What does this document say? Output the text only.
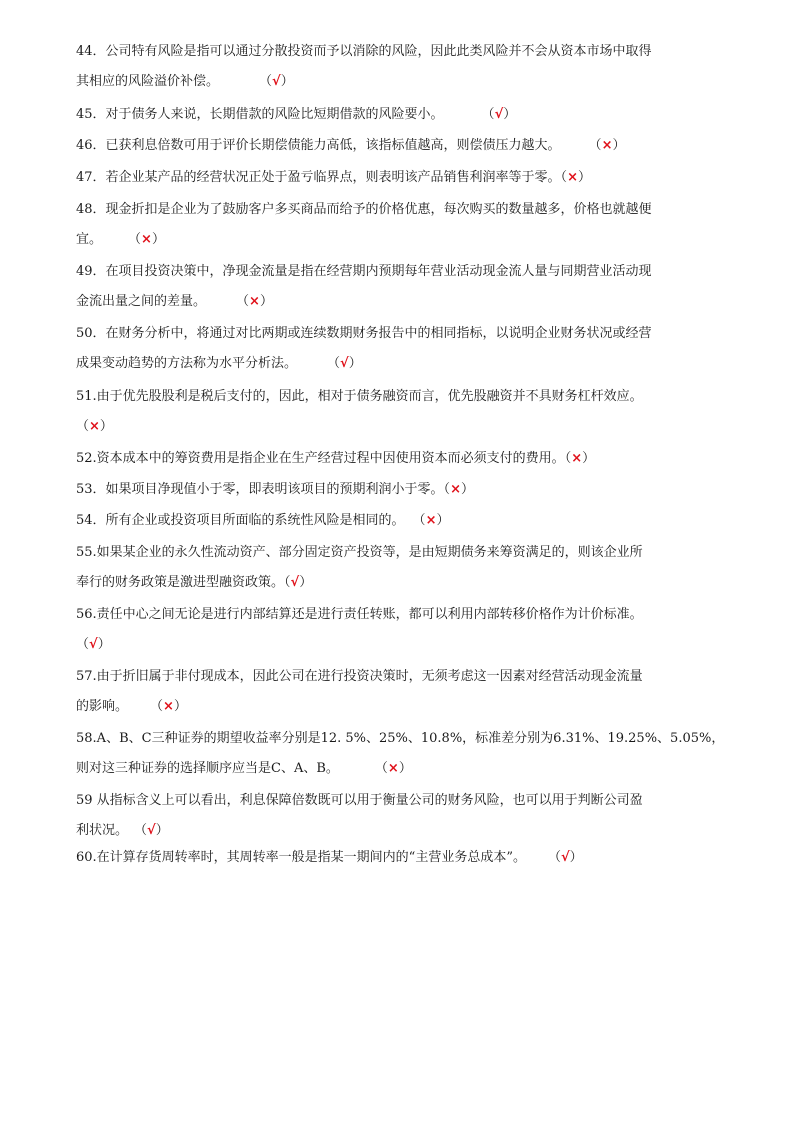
44．公司特有风险是指可以通过分散投资而予以消除的风险，因此此类风险并不会从资本市场中取得
其相应的风险溢价补偿。	（√）
45．对于债务人来说，长期借款的风险比短期借款的风险要小。	（√）
46．已获利息倍数可用于评价长期偿债能力高低，该指标值越高，则偿债压力越大。 （×）
47．若企业某产品的经营状况正处于盈亏临界点，则表明该产品销售利润率等于零。（×）
48．现金折扣是企业为了鼓励客户多买商品而给予的价格优惠，每次购买的数量越多，价格也就越便
宜。 （×）
49．在项目投资决策中，净现金流量是指在经营期内预期每年营业活动现金流人量与同期营业活动现
金流出量之间的差量。 （×）
50．在财务分析中，将通过对比两期或连续数期财务报告中的相同指标，以说明企业财务状况或经营
成果变动趋势的方法称为水平分析法。 （√）
51.由于优先股股利是税后支付的，因此，相对于债务融资而言，优先股融资并不具财务杠杆效应。
（×）
52.资本成本中的筹资费用是指企业在生产经营过程中因使用资本而必须支付的费用。（×）
53．如果项目净现值小于零，即表明该项目的预期利润小于零。（×）
54．所有企业或投资项目所面临的系统性风险是相同的。 （×）
55.如果某企业的永久性流动资产、部分固定资产投资等，是由短期债务来筹资满足的，则该企业所
奉行的财务政策是激进型融资政策。（√）
56.责任中心之间无论是进行内部结算还是进行责任转账，都可以利用内部转移价格作为计价标准。
（√）
57.由于折旧属于非付现成本，因此公司在进行投资决策时，无须考虑这一因素对经营活动现金流量
的影响。 （×）
58.A、B、C三种证券的期望收益率分别是12. 5%、25%、10.8%，标准差分别为6.31%、19.25%、5.05%，
则对这三种证券的选择顺序应当是C、A、B。	（×）
59 从指标含义上可以看出，利息保障倍数既可以用于衡量公司的财务风险，也可以用于判断公司盈
利状况。 （√）
60.在计算存货周转率时，其周转率一般是指某一期间内的“主营业务总成本”。 （√）
